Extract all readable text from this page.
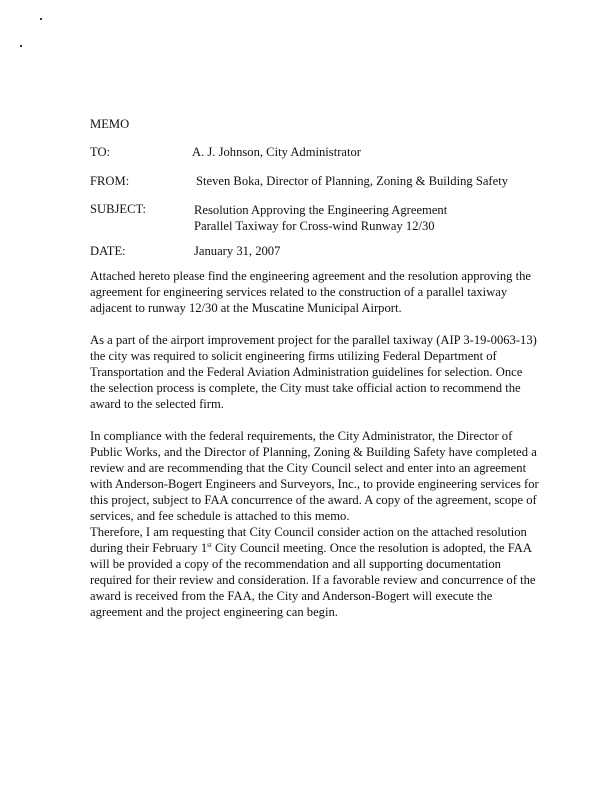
MEMO
TO:	A. J. Johnson, City Administrator
FROM:	Steven Boka, Director of Planning, Zoning & Building Safety
SUBJECT:	Resolution Approving the Engineering Agreement
Parallel Taxiway for Cross-wind Runway 12/30
DATE:	January 31, 2007
Attached hereto please find the engineering agreement and the resolution approving the
agreement for engineering services related to the construction of a parallel taxiway
adjacent to runway 12/30 at the Muscatine Municipal Airport.
As a part of the airport improvement project for the parallel taxiway (AIP 3-19-0063-13)
the city was required to solicit engineering firms utilizing Federal Department of
Transportation and the Federal Aviation Administration guidelines for selection. Once
the selection process is complete, the City must take official action to recommend the
award to the selected firm.
In compliance with the federal requirements, the City Administrator, the Director of
Public Works, and the Director of Planning, Zoning & Building Safety have completed a
review and are recommending that the City Council select and enter into an agreement
with Anderson-Bogert Engineers and Surveyors, Inc., to provide engineering services for
this project, subject to FAA concurrence of the award. A copy of the agreement, scope of
services, and fee schedule is attached to this memo.
Therefore, I am requesting that City Council consider action on the attached resolution
during their February 1st City Council meeting. Once the resolution is adopted, the FAA
will be provided a copy of the recommendation and all supporting documentation
required for their review and consideration. If a favorable review and concurrence of the
award is received from the FAA, the City and Anderson-Bogert will execute the
agreement and the project engineering can begin.
